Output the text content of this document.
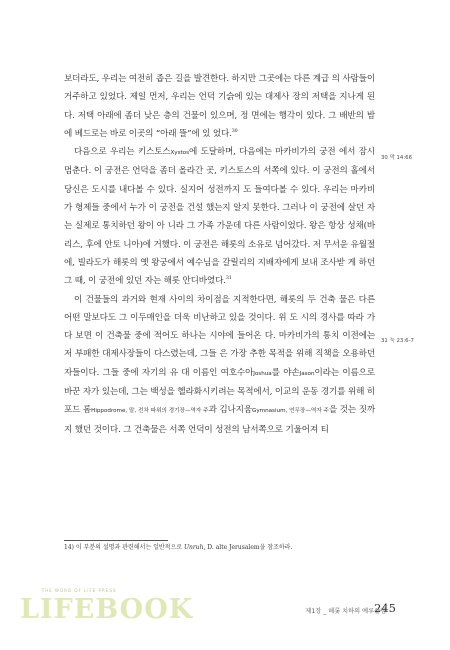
보더라도, 우리는 여전히 좁은 길을 발견한다. 하지만 그곳에는 다른 계급 의 사람들이 거주하고 있었다. 제일 먼저, 우리는 언덕 기슭에 있는 대제사 장의 저택을 지나게 된다. 저택 아래에 좀더 낮은 층의 건물이 있으며, 정 면에는 행각이 있다. 그 배반의 밤에 베드로는 바로 이곳의 “아래 뜰”에 있 었다.$^{30}$

다음으로 우리는 키스토스Xystos에 도달하며, 다음에는 마카비가의 궁전 에서 잠시 멈춘다. 이 궁전은 언덕을 좀더 올라간 곳, 키스토스의 서쪽에 있다. 이 궁전의 홀에서 당신은 도시를 내다볼 수 있다. 실지어 성전까지 도 들여다볼 수 있다. 우리는 마카비가 형제들 중에서 누가 이 궁전을 건설 했는지 알지 못한다. 그러나 이 궁전에 살던 자는 실제로 통치하던 왕이 아 니라 그 가족 가운데 다른 사람이었다. 왕은 항상 성채(바리스, 후에 안토 니아)에 거했다. 이 궁전은 해롯의 소유로 넘어갔다. 저 무서운 유월절에, 빌라도가 해롯의 옛 왕궁에서 예수님을 갈릴리의 지배자에게 보내 조사받 게 하던 그 때, 이 궁전에 있던 자는 해롯 안디바였다.$^{31}$

이 건물들의 과거와 현재 사이의 차이점을 지적한다면, 해롯의 두 건축 물은 다른 어떤 말보다도 그 이두매인을 더욱 비난하고 있을 것이다. 위 도 시의 경사를 따라 가다 보면 이 건축물 중에 적어도 하나는 시야에 들어온 다. 마카비가의 통치 이전에는 저 부패한 대제사장들이 다스렸는데, 그들 은 가장 추한 목적을 위해 직책을 오용하던 자들이다. 그들 중에 자기의 유 대 이름인 여호수아Joshua를 야손Jason이라는 이름으로 바꾼 자가 있는데, 그는 백성을 헬라화시키려는 목적에서, 이교의 운동 경기를 위해 히포드 롬Hippodrome, 말, 전차 따위의 경기장—역자 주과 김나지움Gymnasium, 연무장—역자 주을 것는 짓까 지 했던 것이다. 그 건축물은 서쪽 언덕이 성전의 남서쪽으로 기울어져 티

30 막 14:66
31 눅 23:6-7
14) 이 부분의 설명과 관련해서는 일반적으로 Unruh, D. alte Jerusalem을 참조하라.
THE WORD OF LIFE PRESS
LIFEBOOK	제1장 _ 해롯 치하의 예루살렘
245
